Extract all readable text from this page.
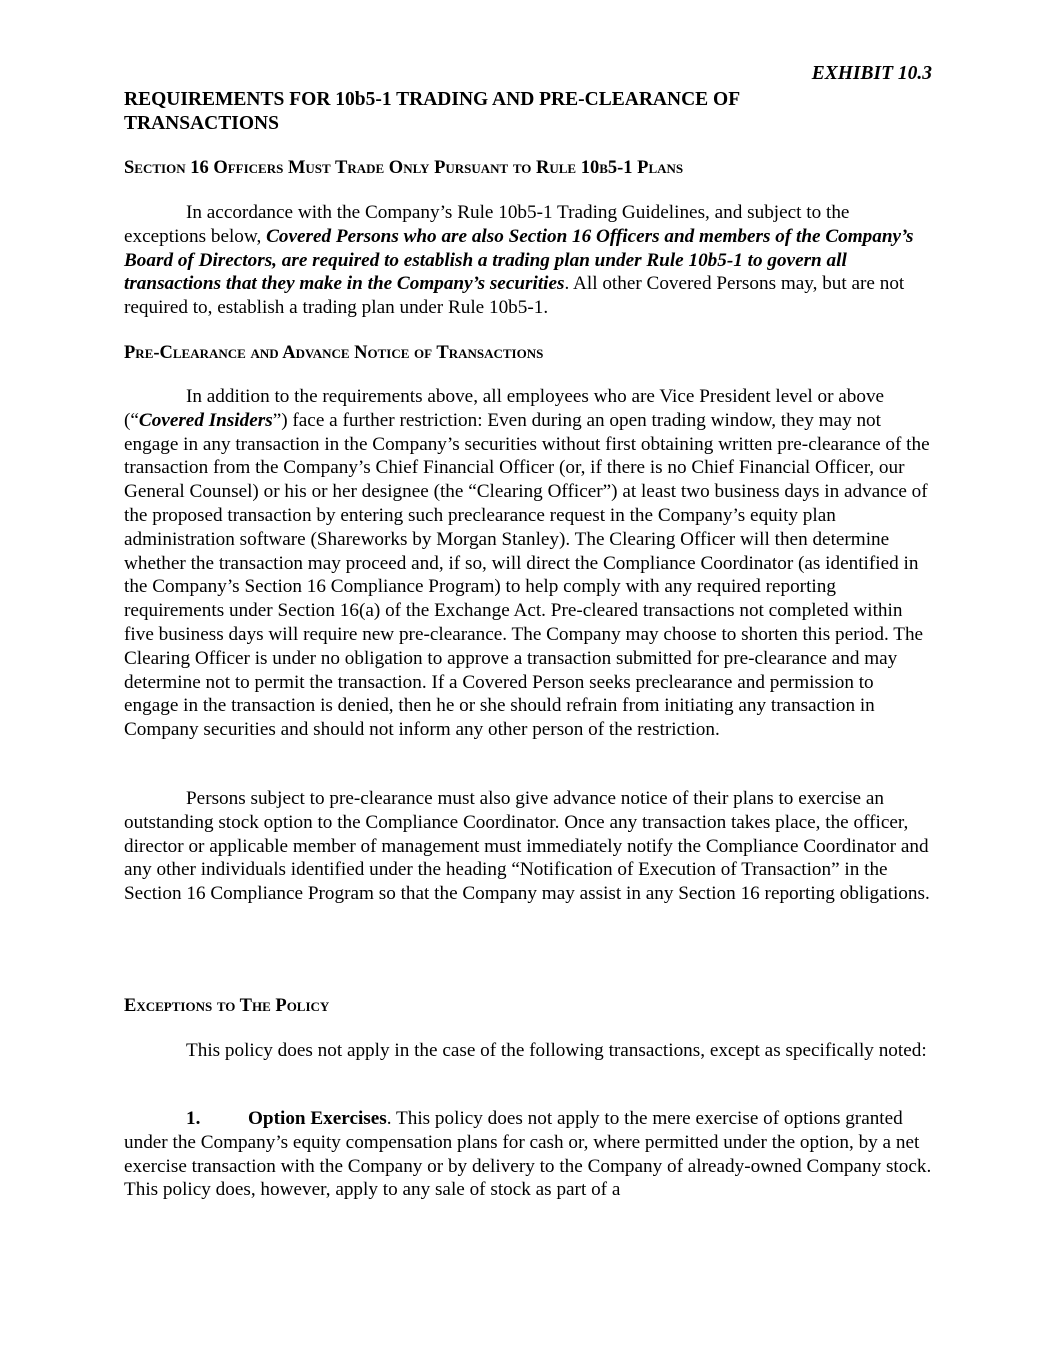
EXHIBIT 10.3
REQUIREMENTS FOR 10b5-1 TRADING AND PRE-CLEARANCE OF TRANSACTIONS
Section 16 Officers Must Trade Only Pursuant to Rule 10b5-1 Plans

In accordance with the Company’s Rule 10b5-1 Trading Guidelines, and subject to the exceptions below, Covered Persons who are also Section 16 Officers and members of the Company’s Board of Directors, are required to establish a trading plan under Rule 10b5-1 to govern all transactions that they make in the Company’s securities. All other Covered Persons may, but are not required to, establish a trading plan under Rule 10b5-1.

Pre-Clearance and Advance Notice of Transactions

In addition to the requirements above, all employees who are Vice President level or above (“Covered Insiders”) face a further restriction: Even during an open trading window, they may not engage in any transaction in the Company’s securities without first obtaining written pre-clearance of the transaction from the Company’s Chief Financial Officer (or, if there is no Chief Financial Officer, our General Counsel) or his or her designee (the “Clearing Officer”) at least two business days in advance of the proposed transaction by entering such preclearance request in the Company’s equity plan administration software (Shareworks by Morgan Stanley). The Clearing Officer will then determine whether the transaction may proceed and, if so, will direct the Compliance Coordinator (as identified in the Company’s Section 16 Compliance Program) to help comply with any required reporting requirements under Section 16(a) of the Exchange Act. Pre-cleared transactions not completed within five business days will require new pre-clearance. The Company may choose to shorten this period. The Clearing Officer is under no obligation to approve a transaction submitted for pre-clearance and may determine not to permit the transaction. If a Covered Person seeks preclearance and permission to engage in the transaction is denied, then he or she should refrain from initiating any transaction in Company securities and should not inform any other person of the restriction.

Persons subject to pre-clearance must also give advance notice of their plans to exercise an outstanding stock option to the Compliance Coordinator. Once any transaction takes place, the officer, director or applicable member of management must immediately notify the Compliance Coordinator and any other individuals identified under the heading “Notification of Execution of Transaction” in the Section 16 Compliance Program so that the Company may assist in any Section 16 reporting obligations.

Exceptions to The Policy

This policy does not apply in the case of the following transactions, except as specifically noted:

1. Option Exercises. This policy does not apply to the mere exercise of options granted under the Company’s equity compensation plans for cash or, where permitted under the option, by a net exercise transaction with the Company or by delivery to the Company of already-owned Company stock. This policy does, however, apply to any sale of stock as part of a
